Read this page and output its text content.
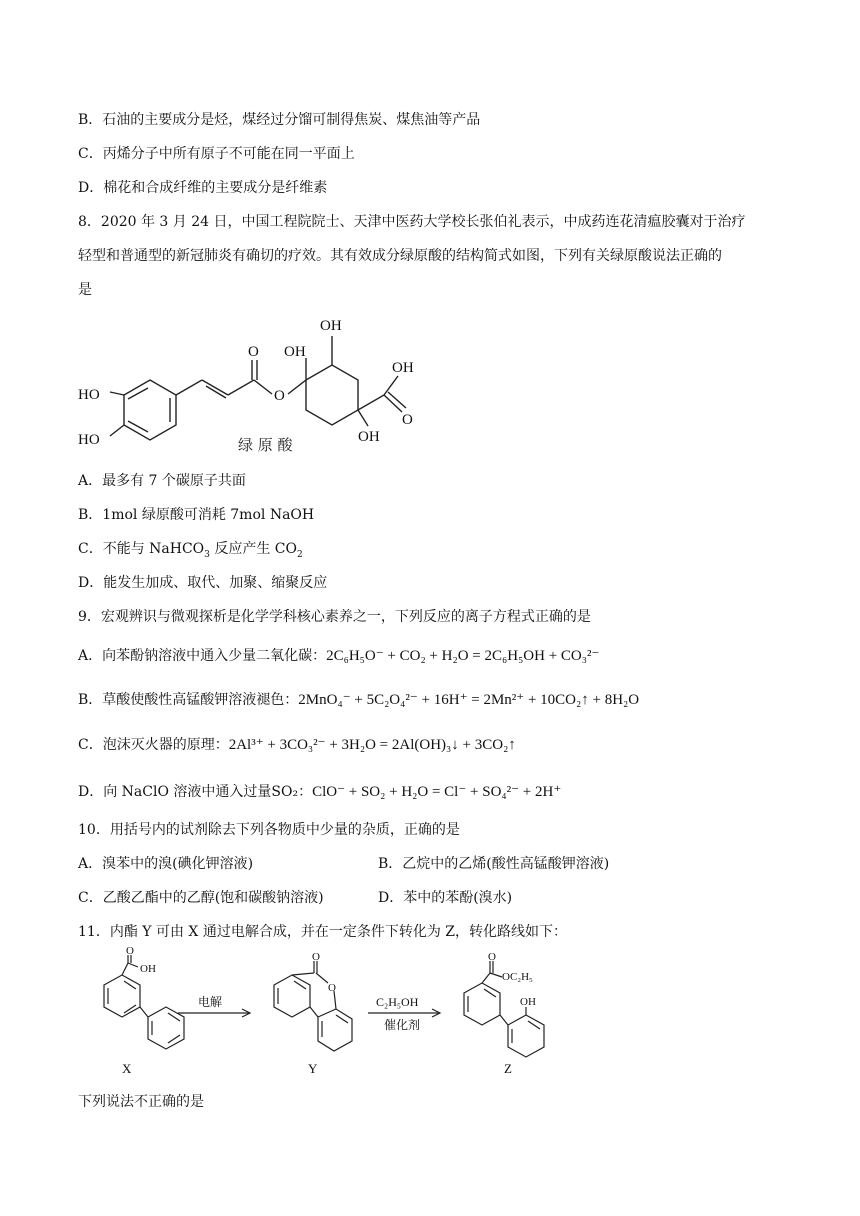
B．石油的主要成分是烃，煤经过分馏可制得焦炭、煤焦油等产品
C．丙烯分子中所有原子不可能在同一平面上
D．棉花和合成纤维的主要成分是纤维素
8．2020 年 3 月 24 日，中国工程院院士、天津中医药大学校长张伯礼表示，中成药连花清瘟胶囊对于治疗
轻型和普通型的新冠肺炎有确切的疗效。其有效成分绿原酸的结构简式如图，下列有关绿原酸说法正确的
是
HO
HO
O
O
OH
OH
OH
O
OH
绿 原 酸
A．最多有 7 个碳原子共面
B．1mol 绿原酸可消耗 7mol NaOH
C．不能与 NaHCO$_3$ 反应产生 $CO_2$
D．能发生加成、取代、加聚、缩聚反应
9．宏观辨识与微观探析是化学学科核心素养之一，下列反应的离子方程式正确的是
A．向苯酚钠溶液中通入少量二氧化碳：2C₆H₅O⁻ + CO₂ + H₂O = 2C₆H₅OH + CO₃²⁻
B．草酸使酸性高锰酸钾溶液褪色：2MnO₄⁻ + 5C₂O₄²⁻ + 16H⁺ = 2Mn²⁺ + 10CO₂↑ + 8H₂O
C．泡沫灭火器的原理：2Al³⁺ + 3CO₃²⁻ + 3H₂O = 2Al(OH)₃↓ + 3CO₂↑
D．向 NaClO 溶液中通入过量SO₂：ClO⁻ + SO₂ + H₂O = Cl⁻ + SO₄²⁻ + 2H⁺
10．用括号内的试剂除去下列各物质中少量的杂质，正确的是
A．溴苯中的溴(碘化钾溶液)	B．乙烷中的乙烯(酸性高锰酸钾溶液)
C．乙酸乙酯中的乙醇(饱和碳酸钠溶液)	D．苯中的苯酚(溴水)
11．内酯 Y 可由 X 通过电解合成，并在一定条件下转化为 Z，转化路线如下：
O
OH
O
O
O
OC₂H₅
OH
电解	C₂H₅OH
催化剂
X	Y	Z
下列说法不正确的是
